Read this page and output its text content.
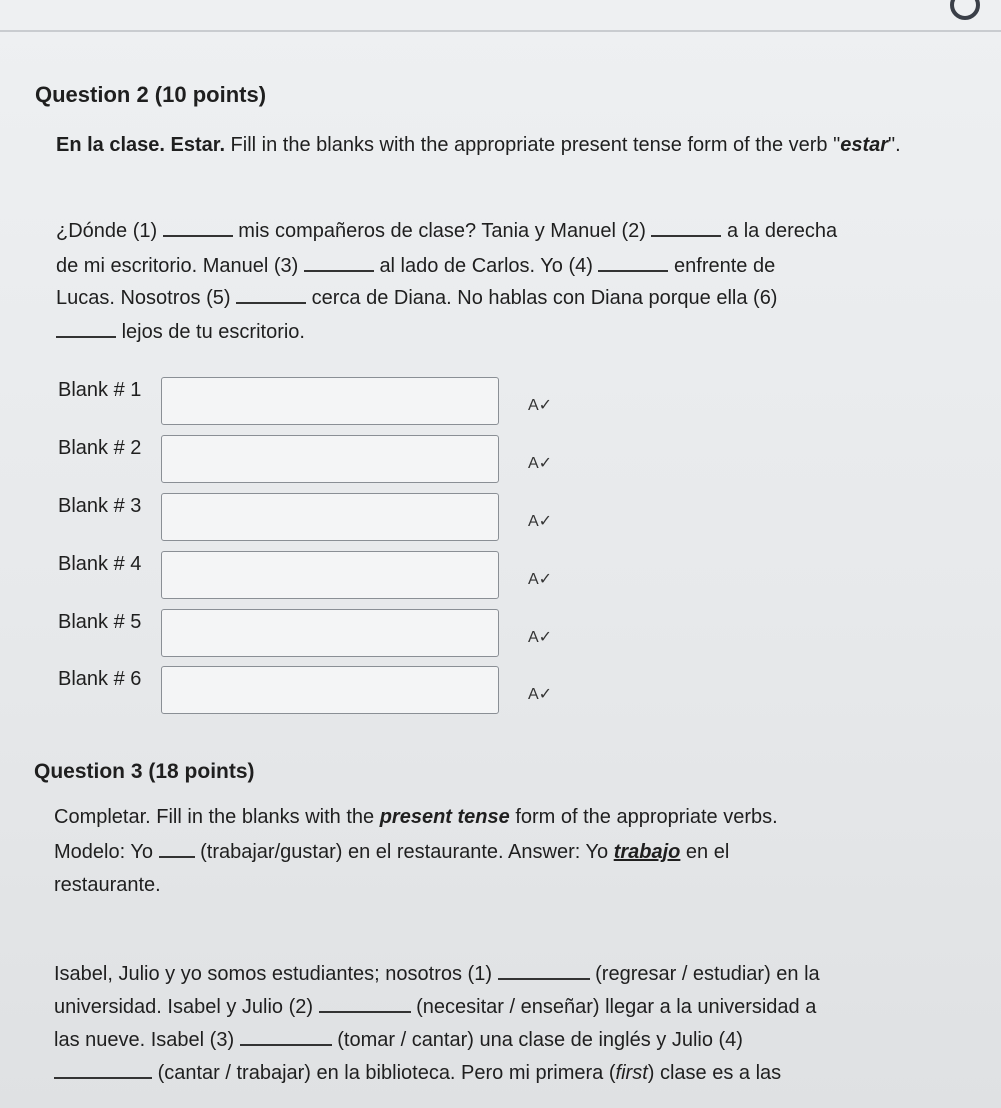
Question 2 (10 points)
En la clase. Estar. Fill in the blanks with the appropriate present tense form of the verb "estar".
¿Dónde (1)	mis compañeros de clase? Tania y Manuel (2)	a la derecha
de mi escritorio. Manuel (3)	al lado de Carlos. Yo (4)	enfrente de
Lucas. Nosotros (5)	cerca de Diana. No hablas con Diana porque ella (6)
lejos de tu escritorio.
Blank # 1
A✓
Blank # 2
A✓
Blank # 3
A✓
Blank # 4
A✓
Blank # 5
A✓
Blank # 6
A✓
Question 3 (18 points)
Completar. Fill in the blanks with the present tense form of the appropriate verbs.
Modelo: Yo (trabajar/gustar) en el restaurante. Answer: Yo trabajo en el
restaurante.
Isabel, Julio y yo somos estudiantes; nosotros (1)	(regresar / estudiar) en la
universidad. Isabel y Julio (2)	(necesitar / enseñar) llegar a la universidad a
las nueve. Isabel (3)	(tomar / cantar) una clase de inglés y Julio (4)
(cantar / trabajar) en la biblioteca. Pero mi primera (first) clase es a las
